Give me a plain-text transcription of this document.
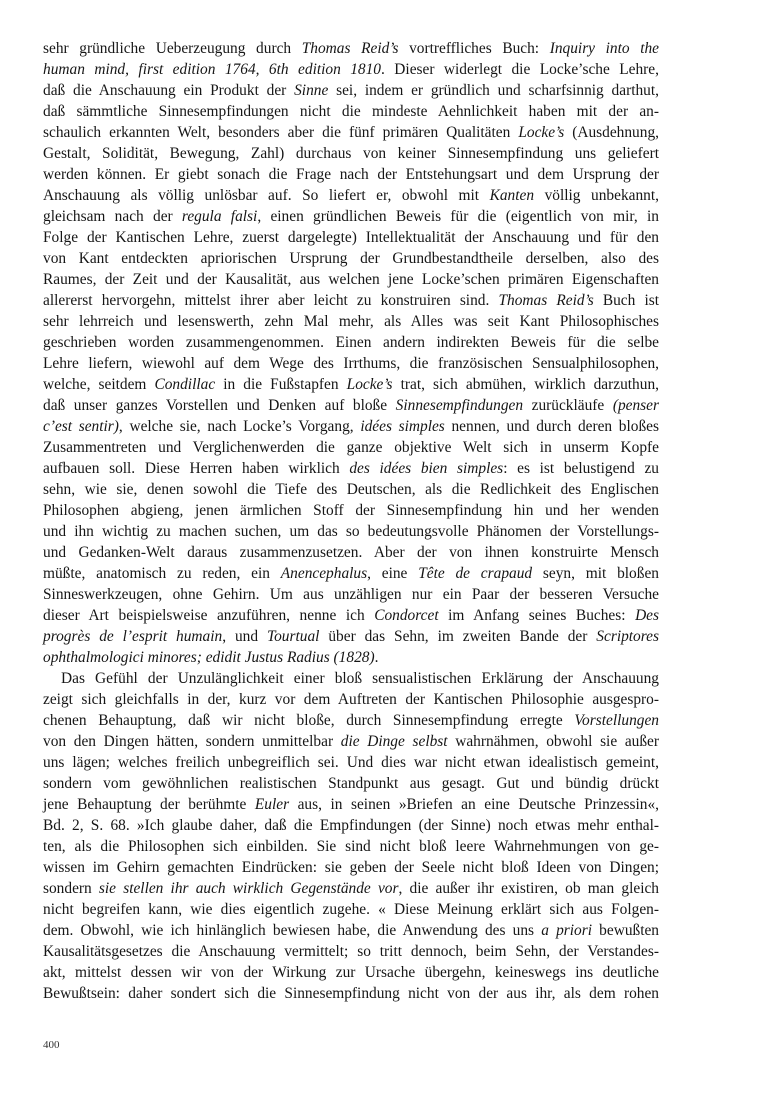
sehr gründliche Ueberzeugung durch Thomas Reid’s vortreffliches Buch: Inquiry into the
human mind, first edition 1764, 6th edition 1810. Dieser widerlegt die Locke’sche Lehre,
daß die Anschauung ein Produkt der Sinne sei, indem er gründlich und scharfsinnig darthut,
daß sämmtliche Sinnesempfindungen nicht die mindeste Aehnlichkeit haben mit der an-
schaulich erkannten Welt, besonders aber die fünf primären Qualitäten Locke’s (Ausdehnung,
Gestalt, Solidität, Bewegung, Zahl) durchaus von keiner Sinnesempfindung uns geliefert
werden können. Er giebt sonach die Frage nach der Entstehungsart und dem Ursprung der
Anschauung als völlig unlösbar auf. So liefert er, obwohl mit Kanten völlig unbekannt,
gleichsam nach der regula falsi, einen gründlichen Beweis für die (eigentlich von mir, in
Folge der Kantischen Lehre, zuerst dargelegte) Intellektualität der Anschauung und für den
von Kant entdeckten apriorischen Ursprung der Grundbestandtheile derselben, also des
Raumes, der Zeit und der Kausalität, aus welchen jene Locke’schen primären Eigenschaften
allererst hervorgehn, mittelst ihrer aber leicht zu konstruiren sind. Thomas Reid’s Buch ist
sehr lehrreich und lesenswerth, zehn Mal mehr, als Alles was seit Kant Philosophisches
geschrieben worden zusammengenommen. Einen andern indirekten Beweis für die selbe
Lehre liefern, wiewohl auf dem Wege des Irrthums, die französischen Sensualphilosophen,
welche, seitdem Condillac in die Fußstapfen Locke’s trat, sich abmühen, wirklich darzuthun,
daß unser ganzes Vorstellen und Denken auf bloße Sinnesempfindungen zurückläufe (penser
c’est sentir), welche sie, nach Locke’s Vorgang, idées simples nennen, und durch deren bloßes
Zusammentreten und Verglichenwerden die ganze objektive Welt sich in unserm Kopfe
aufbauen soll. Diese Herren haben wirklich des idées bien simples: es ist belustigend zu
sehn, wie sie, denen sowohl die Tiefe des Deutschen, als die Redlichkeit des Englischen
Philosophen abgieng, jenen ärmlichen Stoff der Sinnesempfindung hin und her wenden
und ihn wichtig zu machen suchen, um das so bedeutungsvolle Phänomen der Vorstellungs-
und Gedanken-Welt daraus zusammenzusetzen. Aber der von ihnen konstruirte Mensch
müßte, anatomisch zu reden, ein Anencephalus, eine Tête de crapaud seyn, mit bloßen
Sinneswerkzeugen, ohne Gehirn. Um aus unzähligen nur ein Paar der besseren Versuche
dieser Art beispielsweise anzuführen, nenne ich Condorcet im Anfang seines Buches: Des
progrès de l’esprit humain, und Tourtual über das Sehn, im zweiten Bande der Scriptores
ophthalmologici minores; edidit Justus Radius (1828).
Das Gefühl der Unzulänglichkeit einer bloß sensualistischen Erklärung der Anschauung
zeigt sich gleichfalls in der, kurz vor dem Auftreten der Kantischen Philosophie ausgespro-
chenen Behauptung, daß wir nicht bloße, durch Sinnesempfindung erregte Vorstellungen
von den Dingen hätten, sondern unmittelbar die Dinge selbst wahrnähmen, obwohl sie außer
uns lägen; welches freilich unbegreiflich sei. Und dies war nicht etwan idealistisch gemeint,
sondern vom gewöhnlichen realistischen Standpunkt aus gesagt. Gut und bündig drückt
jene Behauptung der berühmte Euler aus, in seinen »Briefen an eine Deutsche Prinzessin«,
Bd. 2, S. 68. »Ich glaube daher, daß die Empfindungen (der Sinne) noch etwas mehr enthal-
ten, als die Philosophen sich einbilden. Sie sind nicht bloß leere Wahrnehmungen von ge-
wissen im Gehirn gemachten Eindrücken: sie geben der Seele nicht bloß Ideen von Dingen;
sondern sie stellen ihr auch wirklich Gegenstände vor, die außer ihr existiren, ob man gleich
nicht begreifen kann, wie dies eigentlich zugehe. « Diese Meinung erklärt sich aus Folgen-
dem. Obwohl, wie ich hinlänglich bewiesen habe, die Anwendung des uns a priori bewußten
Kausalitätsgesetzes die Anschauung vermittelt; so tritt dennoch, beim Sehn, der Verstandes-
akt, mittelst dessen wir von der Wirkung zur Ursache übergehn, keineswegs ins deutliche
Bewußtsein: daher sondert sich die Sinnesempfindung nicht von der aus ihr, als dem rohen
400
